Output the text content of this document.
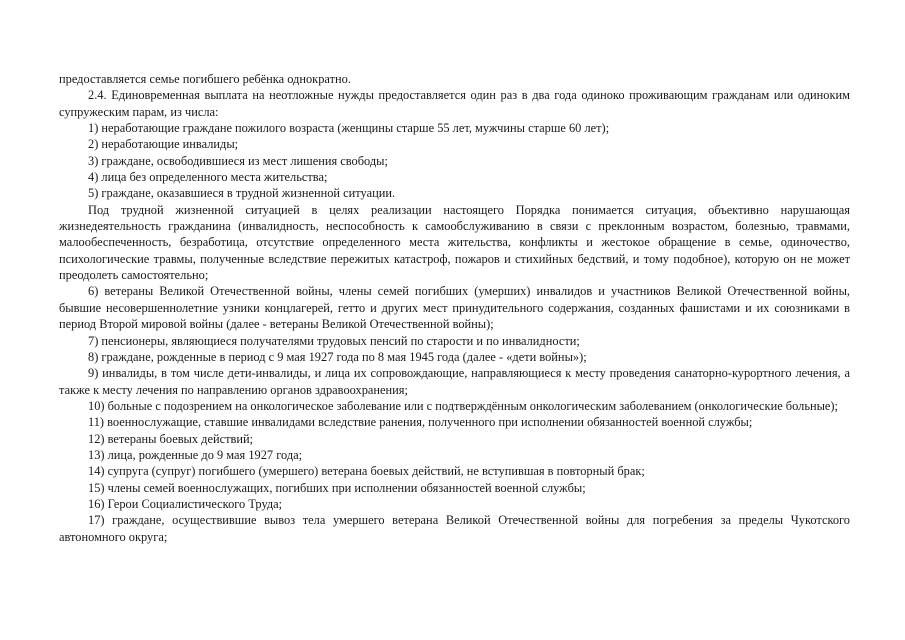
предоставляется семье погибшего ребёнка однократно.

2.4. Единовременная выплата на неотложные нужды предоставляется один раз в два года одиноко проживающим гражданам или одиноким супружеским парам, из числа:

1) неработающие граждане пожилого возраста (женщины старше 55 лет, мужчины старше 60 лет);

2) неработающие инвалиды;

3) граждане, освободившиеся из мест лишения свободы;

4) лица без определенного места жительства;

5) граждане, оказавшиеся в трудной жизненной ситуации.

Под трудной жизненной ситуацией в целях реализации настоящего Порядка понимается ситуация, объективно нарушающая жизнедеятельность гражданина (инвалидность, неспособность к самообслуживанию в связи с преклонным возрастом, болезнью, травмами, малообеспеченность, безработица, отсутствие определенного места жительства, конфликты и жестокое обращение в семье, одиночество, психологические травмы, полученные вследствие пережитых катастроф, пожаров и стихийных бедствий, и тому подобное), которую он не может преодолеть самостоятельно;

6) ветераны Великой Отечественной войны, члены семей погибших (умерших) инвалидов и участников Великой Отечественной войны, бывшие несовершеннолетние узники концлагерей, гетто и других мест принудительного содержания, созданных фашистами и их союзниками в период Второй мировой войны (далее - ветераны Великой Отечественной войны);

7) пенсионеры, являющиеся получателями трудовых пенсий по старости и по инвалидности;

8) граждане, рожденные в период с 9 мая 1927 года по 8 мая 1945 года (далее - «дети войны»);

9) инвалиды, в том числе дети-инвалиды, и лица их сопровождающие, направляющиеся к месту проведения санаторно-курортного лечения, а также к месту лечения по направлению органов здравоохранения;

10) больные с подозрением на онкологическое заболевание или с подтверждённым онкологическим заболеванием (онкологические больные);

11) военнослужащие, ставшие инвалидами вследствие ранения, полученного при исполнении обязанностей военной службы;

12) ветераны боевых действий;

13) лица, рожденные до 9 мая 1927 года;

14) супруга (супруг) погибшего (умершего) ветерана боевых действий, не вступившая в повторный брак;

15) члены семей военнослужащих, погибших при исполнении обязанностей военной службы;

16) Герои Социалистического Труда;

17) граждане, осуществившие вывоз тела умершего ветерана Великой Отечественной войны для погребения за пределы Чукотского автономного округа;
